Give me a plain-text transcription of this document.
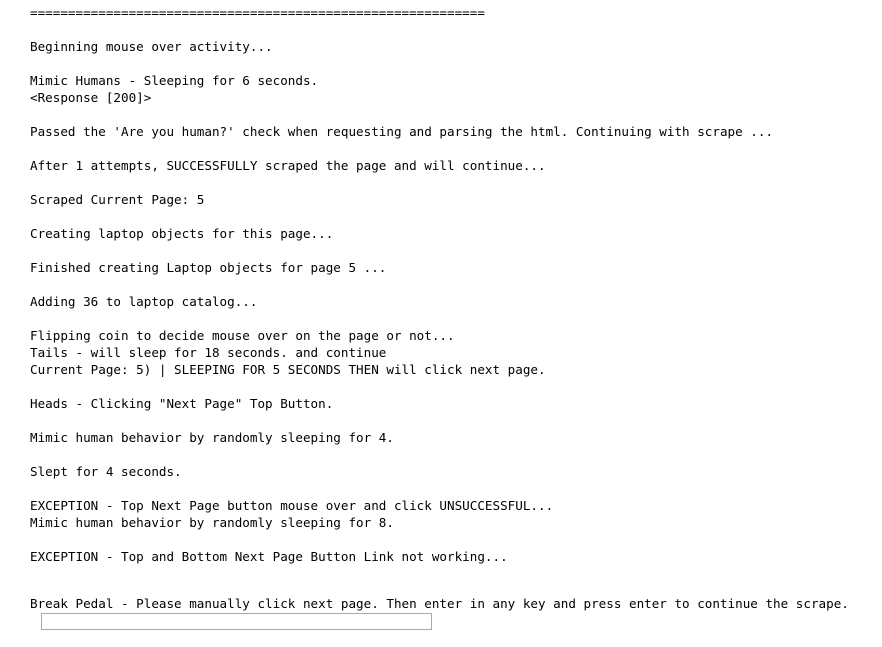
============================================================
Beginning mouse over activity...
Mimic Humans - Sleeping for 6 seconds.
<Response [200]>
Passed the 'Are you human?' check when requesting and parsing the html. Continuing with scrape ...
After 1 attempts, SUCCESSFULLY scraped the page and will continue...
Scraped Current Page: 5
Creating laptop objects for this page...
Finished creating Laptop objects for page 5 ...
Adding 36 to laptop catalog...
Flipping coin to decide mouse over on the page or not...
Tails - will sleep for 18 seconds. and continue
Current Page: 5) | SLEEPING FOR 5 SECONDS THEN will click next page.
Heads - Clicking "Next Page" Top Button.
Mimic human behavior by randomly sleeping for 4.
Slept for 4 seconds.
EXCEPTION - Top Next Page button mouse over and click UNSUCCESSFUL...
Mimic human behavior by randomly sleeping for 8.
EXCEPTION - Top and Bottom Next Page Button Link not working...
Break Pedal - Please manually click next page. Then enter in any key and press enter to continue the scrape.
